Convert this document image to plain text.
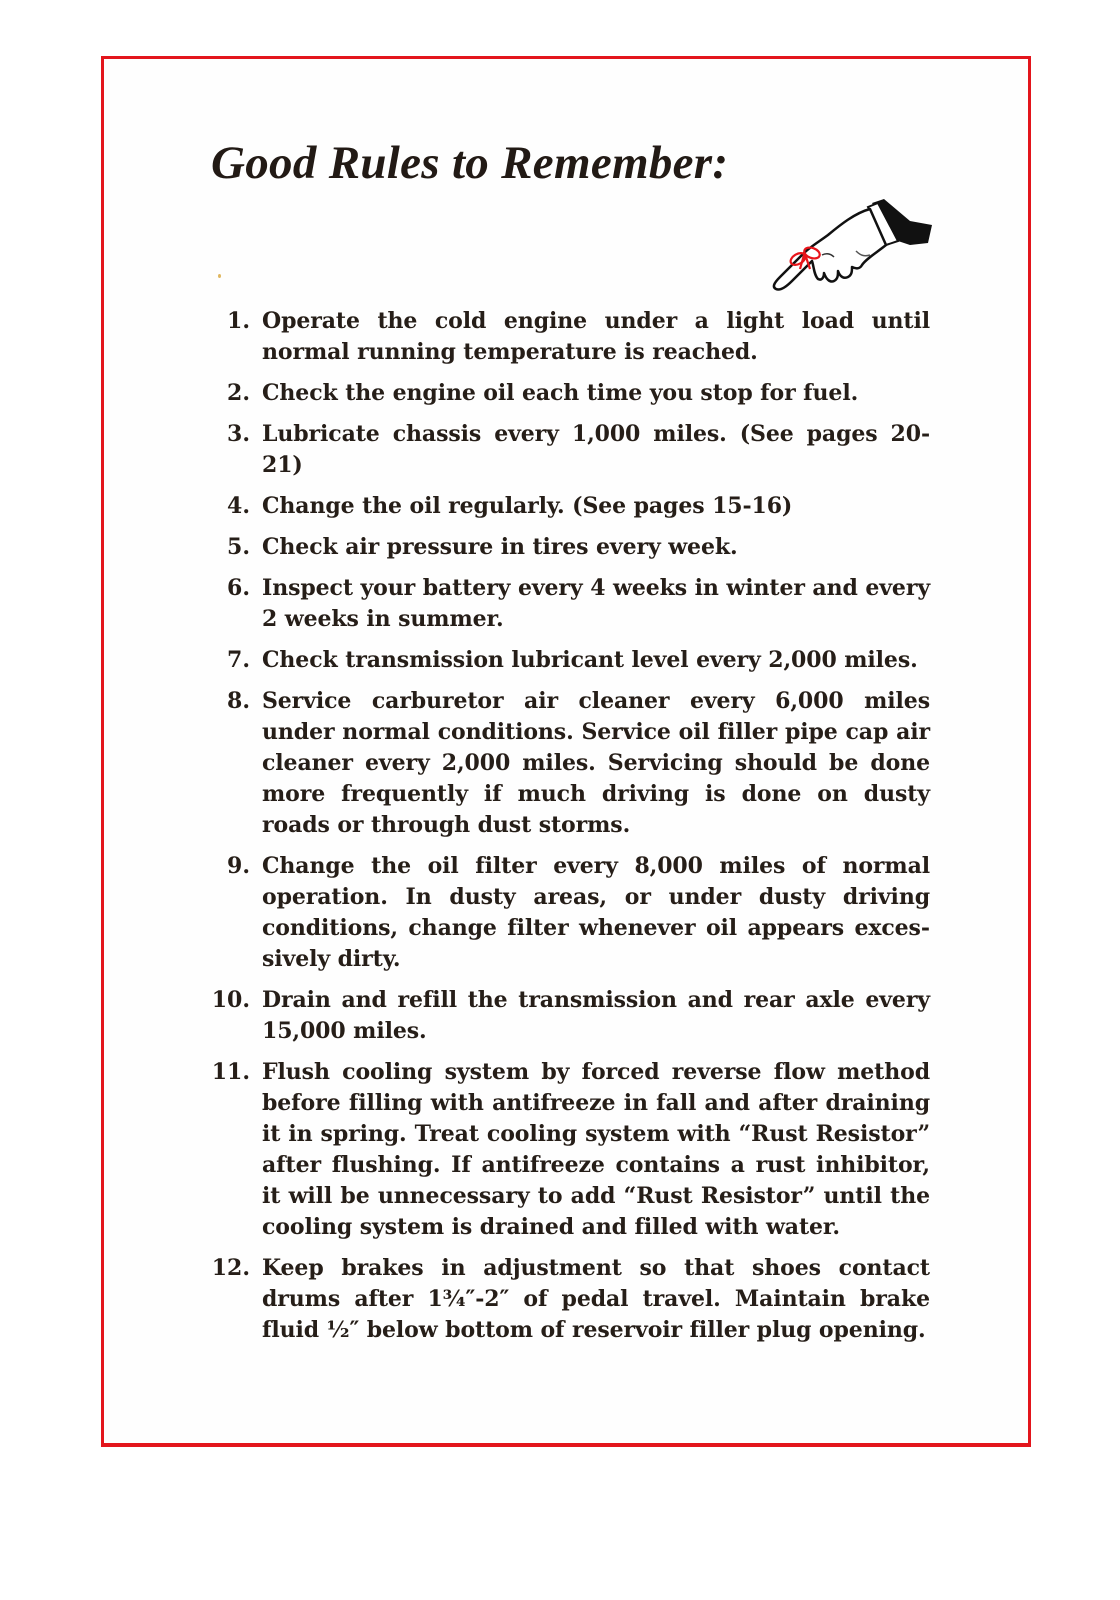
Good Rules to Remember:
1. Operate the cold engine under a light load until normal running temperature is reached.
2. Check the engine oil each time you stop for fuel.
3. Lubricate chassis every 1,000 miles. (See pages 20-21)
4. Change the oil regularly. (See pages 15-16)
5. Check air pressure in tires every week.
6. Inspect your battery every 4 weeks in winter and every 2 weeks in summer.
7. Check transmission lubricant level every 2,000 miles.
8. Service carburetor air cleaner every 6,000 miles under normal conditions. Service oil filler pipe cap air cleaner every 2,000 miles. Servicing should be done more frequently if much driving is done on dusty roads or through dust storms.
9. Change the oil filter every 8,000 miles of normal operation. In dusty areas, or under dusty driving conditions, change filter whenever oil appears excessively dirty.
10. Drain and refill the transmission and rear axle every 15,000 miles.
11. Flush cooling system by forced reverse flow method before filling with antifreeze in fall and after draining it in spring. Treat cooling system with “Rust Resistor” after flushing. If antifreeze contains a rust inhibitor, it will be unnecessary to add “Rust Resistor” until the cooling system is drained and filled with water.
12. Keep brakes in adjustment so that shoes contact drums after 1¾″-2″ of pedal travel. Maintain brake fluid ½″ below bottom of reservoir filler plug opening.
